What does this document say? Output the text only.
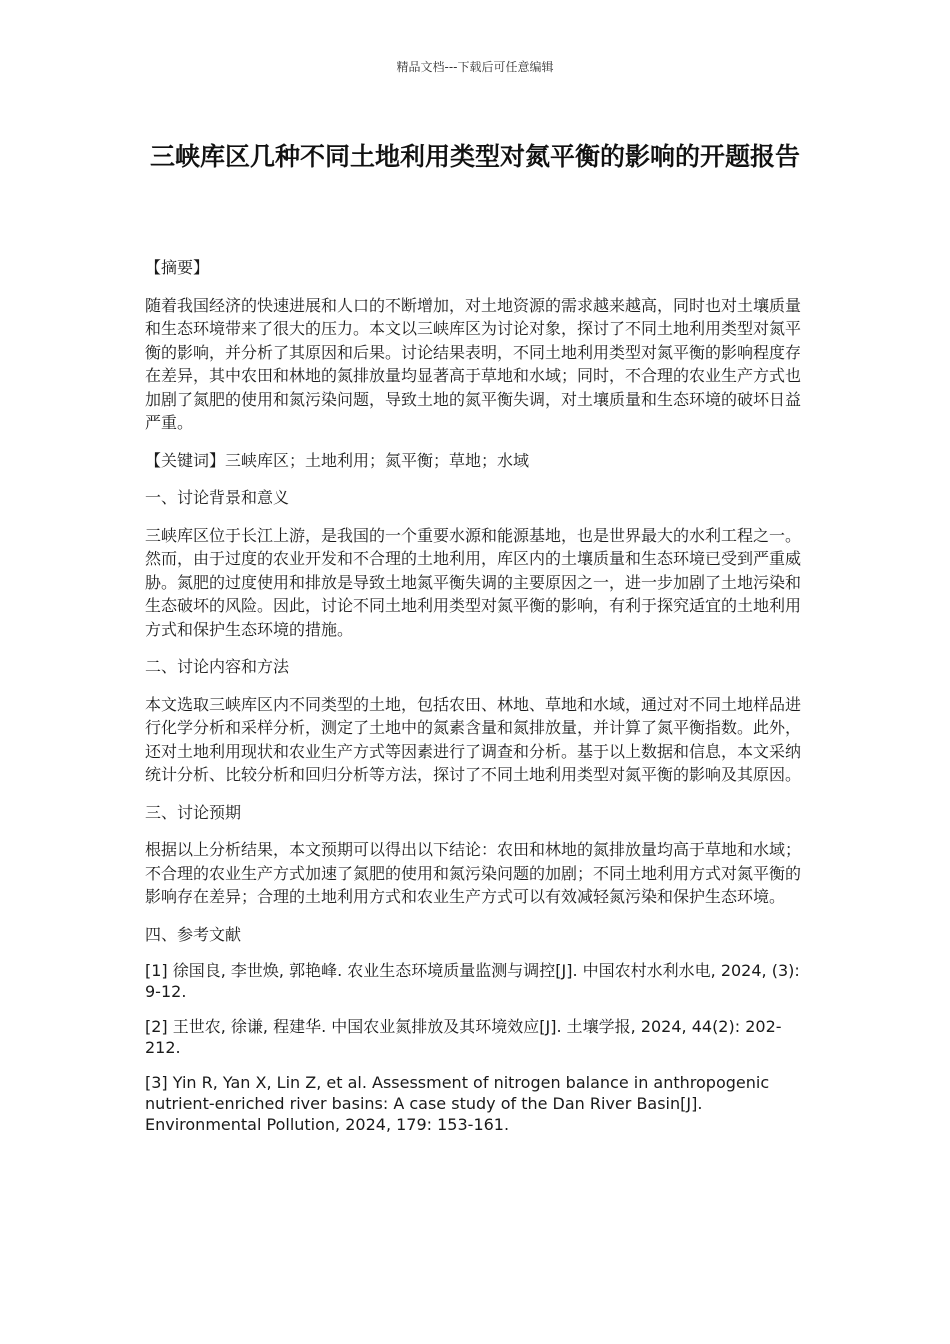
精品文档---下载后可任意编辑
三峡库区几种不同土地利用类型对氮平衡的影响的开题报告

【摘要】

随着我国经济的快速进展和人口的不断增加，对土地资源的需求越来越高，同时也对土壤质量和生态环境带来了很大的压力。本文以三峡库区为讨论对象，探讨了不同土地利用类型对氮平衡的影响，并分析了其原因和后果。讨论结果表明，不同土地利用类型对氮平衡的影响程度存在差异，其中农田和林地的氮排放量均显著高于草地和水域；同时，不合理的农业生产方式也加剧了氮肥的使用和氮污染问题，导致土地的氮平衡失调，对土壤质量和生态环境的破坏日益严重。

【关键词】三峡库区；土地利用；氮平衡；草地；水域

一、讨论背景和意义

三峡库区位于长江上游，是我国的一个重要水源和能源基地，也是世界最大的水利工程之一。然而，由于过度的农业开发和不合理的土地利用，库区内的土壤质量和生态环境已受到严重威胁。氮肥的过度使用和排放是导致土地氮平衡失调的主要原因之一，进一步加剧了土地污染和生态破坏的风险。因此，讨论不同土地利用类型对氮平衡的影响，有利于探究适宜的土地利用方式和保护生态环境的措施。

二、讨论内容和方法

本文选取三峡库区内不同类型的土地，包括农田、林地、草地和水域，通过对不同土地样品进行化学分析和采样分析，测定了土地中的氮素含量和氮排放量，并计算了氮平衡指数。此外，还对土地利用现状和农业生产方式等因素进行了调查和分析。基于以上数据和信息，本文采纳统计分析、比较分析和回归分析等方法，探讨了不同土地利用类型对氮平衡的影响及其原因。

三、讨论预期

根据以上分析结果，本文预期可以得出以下结论：农田和林地的氮排放量均高于草地和水域；不合理的农业生产方式加速了氮肥的使用和氮污染问题的加剧；不同土地利用方式对氮平衡的影响存在差异；合理的土地利用方式和农业生产方式可以有效减轻氮污染和保护生态环境。

四、参考文献

[1] 徐国良, 李世焕, 郭艳峰. 农业生态环境质量监测与调控[J]. 中国农村水利水电, 2024, (3): 9-12.

[2] 王世农, 徐谦, 程建华. 中国农业氮排放及其环境效应[J]. 土壤学报, 2024, 44(2): 202-212.

[3] Yin R, Yan X, Lin Z, et al. Assessment of nitrogen balance in anthropogenic nutrient-enriched river basins: A case study of the Dan River Basin[J]. Environmental Pollution, 2024, 179: 153-161.
